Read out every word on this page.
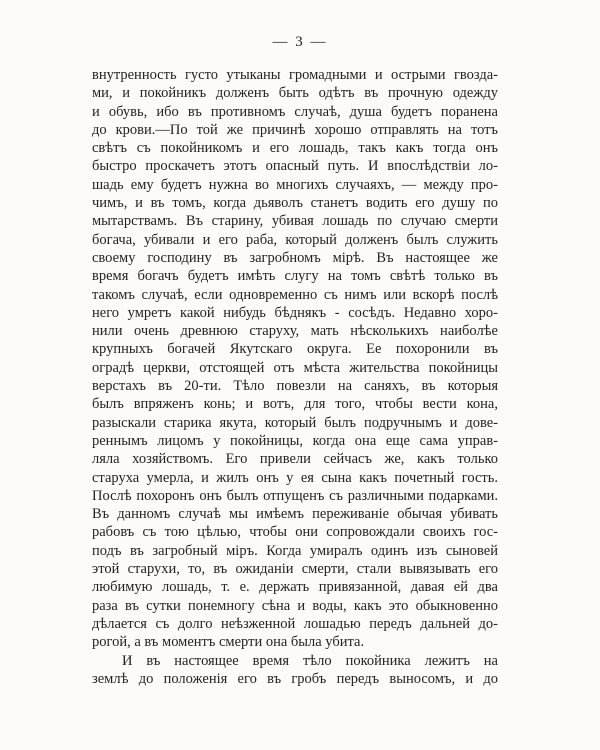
— 3 —
внутренность густо утыканы громадными и острыми гвозда-
ми, и покойникъ долженъ быть одѣтъ въ прочную одежду
и обувь, ибо въ противномъ случаѣ, душа будетъ поранена
до крови.—По той же причинѣ хорошо отправлять на тотъ
свѣтъ съ покойникомъ и его лошадь, такъ какъ тогда онъ
быстро проскачетъ этотъ опасный путь. И впослѣдствіи ло-
шадь ему будетъ нужна во многихъ случаяхъ, — между про-
чимъ, и въ томъ, когда дьяволъ станетъ водить его душу по
мытарствамъ. Въ старину, убивая лошадь по случаю смерти
богача, убивали и его раба, который долженъ былъ служить
своему господину въ загробномъ мірѣ. Въ настоящее же
время богачъ будетъ имѣть слугу на томъ свѣтѣ только въ
такомъ случаѣ, если одновременно съ нимъ или вскорѣ послѣ
него умретъ какой нибудь бѣднякъ - сосѣдъ. Недавно хоро-
нили очень древнюю старуху, мать нѣсколькихъ наиболѣе
крупныхъ богачей Якутскаго округа. Ее похоронили въ
оградѣ церкви, отстоящей отъ мѣста жительства покойницы
верстахъ въ 20-ти. Тѣло повезли на саняхъ, въ которыя
былъ впряженъ конь; и вотъ, для того, чтобы вести кона,
разыскали старика якута, который былъ подручнымъ и дове-
реннымъ лицомъ у покойницы, когда она еще сама управ-
ляла хозяйствомъ. Его привели сейчасъ же, какъ только
старуха умерла, и жилъ онъ у ея сына какъ почетный гость.
Послѣ похоронъ онъ былъ отпущенъ съ различными подарками.
Въ данномъ случаѣ мы имѣемъ переживаніе обычая убивать
рабовъ съ тою цѣлью, чтобы они сопровождали своихъ гос-
подъ въ загробный міръ. Когда умиралъ одинъ изъ сыновей
этой старухи, то, въ ожиданіи смерти, стали вывязывать его
любимую лошадь, т. е. держать привязанной, давая ей два
раза въ сутки понемногу сѣна и воды, какъ это обыкновенно
дѣлается съ долго неѣзженной лошадью передъ дальней до-
рогой, а въ моментъ смерти она была убита.
И въ настоящее время тѣло покойника лежитъ на
землѣ до положенія его въ гробъ передъ выносомъ, и до
